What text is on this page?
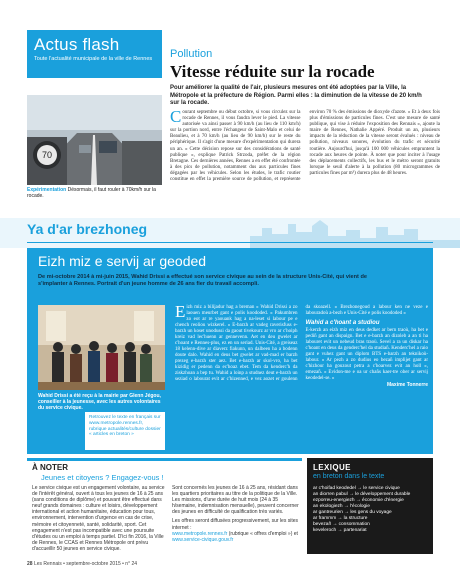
Actus flash
Toute l'actualité municipale de la ville de Rennes Pollution
Vitesse réduite sur la rocade
Pour améliorer la qualité de l'air, plusieurs mesures ont été adoptées par la Ville, la Métropole et la préfecture de Région. Parmi elles : la diminution de la vitesse de 20 km/h sur la rocade.
70
Expérimentation Désormais, il faut rouler à 70km/h sur la rocade.
Courant septembre ou début octobre, si vous circulez sur la rocade de Rennes, il vous faudra lever le pied. La vitesse autorisée va ainsi passer à 90 km/h (au lieu de 110 km/h) sur la portion nord, entre l'échangeur de Saint-Malo et celui de Beaulieu, et à 70 km/h (au lieu de 90 km/h) sur le reste du périphérique. Il s'agit d'une mesure d'expérimentation qui durera un an. « Cette décision repose sur des considérations de santé publique », explique Patrick Strzoda, préfet de la région Bretagne. Ces dernières années, Rennes a en effet été confrontée à des pics de pollution, notamment dus aux particules fines dégagées par les véhicules. Selon les études, le trafic routier constitue en effet la première source de pollution, et représente environ 70 % des émissions de dioxyde d'azote. « Et à deux fois plus d'émissions de particules fines. C'est une mesure de santé publique, qui vise à réduire l'exposition des Rennais », ajoute la maire de Rennes, Nathalie Appéré. Produit un an, plusieurs impacts de la réduction de la vitesse seront évalués : niveau de pollution, niveaux sonores, évolution du trafic et sécurité routière. Aujourd'hui, jusqu'à 100 000 véhicules empruntent la rocade aux heures de pointe. À noter que pour inciter à l'usage des déplacements collectifs, les bus et le métro seront gratuits lorsque le seuil d'alerte à la pollution (80 microgrammes de particules fines par m³) durera plus de 48 heures.
Ya d'ar brezhoneg
Eizh miz e servij ar geoded
De mi-octobre 2014 à mi-juin 2015, Wahid Drissi a effectué son service civique au sein de la structure Unis-Cité, qui vient de s'implanter à Rennes. Portrait d'un jeune homme de 26 ans fier du travail accompli.
Wahid Drissi a été reçu à la mairie par Glenn Jégou, conseiller à la jeunesse, avec les autres volontaires du service civique.
Retrouvez le texte en français sur www.metropole.rennes.fr, rubrique actualités/culture dossier « articles en breton »
Eizh miz a bilijadur hag a breman » Wahid Drissi a zo laouen meurbet gant e polis koododed. « Pakumbren zo eot ar re yaouank hag a na-leset si labour pe e chench reoliou wizkerel. » E-barzh ar vadeg raverisfuss e-barzh un koset unodussi da gaout tivekourz ar vro ar c'hoiph kreiz vad lec'huenn ar gennevenn. Aet en deu gwelet ar c'hoant e Rennes-plus, ez en un seriad. Unis-Cité, a greiseaz 18 kelenn-dive ar diaverz fiakunn, un dalbeen ha a bodenn doute dalo. Wahid en deus bet gwelet ar vad-mad er barzh prezeg e-barzh ster aez. Bet e-barzh ar skol-vro, ha bet kizidig er pedenn da ec'hoaz ebet. Tem da kenderc'h da ziskzhoan a bep tu. Wahid a loinp a studnez deut e-barzh un seziad o labourat evit ar c'hizenned, e vez aozet er goulenn da skoazell. « Brezhonegoud a labour ken ne veze e labouradoù a-bezh e Unis-Cité e polis koododed »
Wahid a c'hoant a studiou
E-kerzh an eizh miz en deus dedket ar bern traoù, ha bet e pediñ gant an dispaign. Bet e e-barzh an dizoleb a an ti ha labouret evit un nebeud bras traoù. Sevel a ra un diskar ha c'hoant en deus da genderc'hel da studiañ. Kenderc'hel a raio gant e vuhez gant un diplom BTS e-barzh an teknikoù-labour. « Ar pezh a zo dudius eo bezañ implijet gant ar c'hizhour ha gouzout petra a c'hoarvez evit an holl », emezañ. « Evidon-me e oa ur chañs kaer-tre ober ar servij keodedel-se. »
Maxime Tonnerre
À NOTER
Jeunes et citoyens ? Engagez-vous !
Le service civique est un engagement volontaire, au service de l'intérêt général, ouvert à tous les jeunes de 16 à 25 ans (sans conditions de diplôme) et pouvant être effectué dans neuf grands domaines : culture et loisirs, développement international et action humanitaire, éducation pour tous, environnement, intervention d'urgence en cas de crise, mémoire et citoyenneté, santé, solidarité, sport. Cet engagement n'est pas incompatible avec une poursuite d'études ou un emploi à temps partiel. D'ici fin 2016, la Ville de Rennes, le CCAS et Rennes Métropole ont prévu d'accueillir 50 jeunes en service civique.
Sont concernés les jeunes de 16 à 25 ans, résidant dans les quartiers prioritaires au titre de la politique de la Ville. Les missions, d'une durée de huit mois (24 à 35 h/semaine, indemnisation mensuelle), peuvent concerner des jeunes en difficulté de qualification très variés.
Les offres seront diffusées progressivement, sur les sites internet :
www.metropole.rennes.fr (rubrique « offres d'emploi ») et
www.service-civique.gouv.fr
LEXIQUE
en breton dans le texte
ar c'hoifad keodedel → le service civique
an diorren pabul → le développement durable
ezporreu-energiezh → économie d'énergie
an ekologiezh → l'écologie
ar gantreurien → les gens du voyage
ar frammm → la structure
bevezañ → consommation
keveleroch → partenariat
28 Les Rennais • septembre-octobre 2015 • n° 24
